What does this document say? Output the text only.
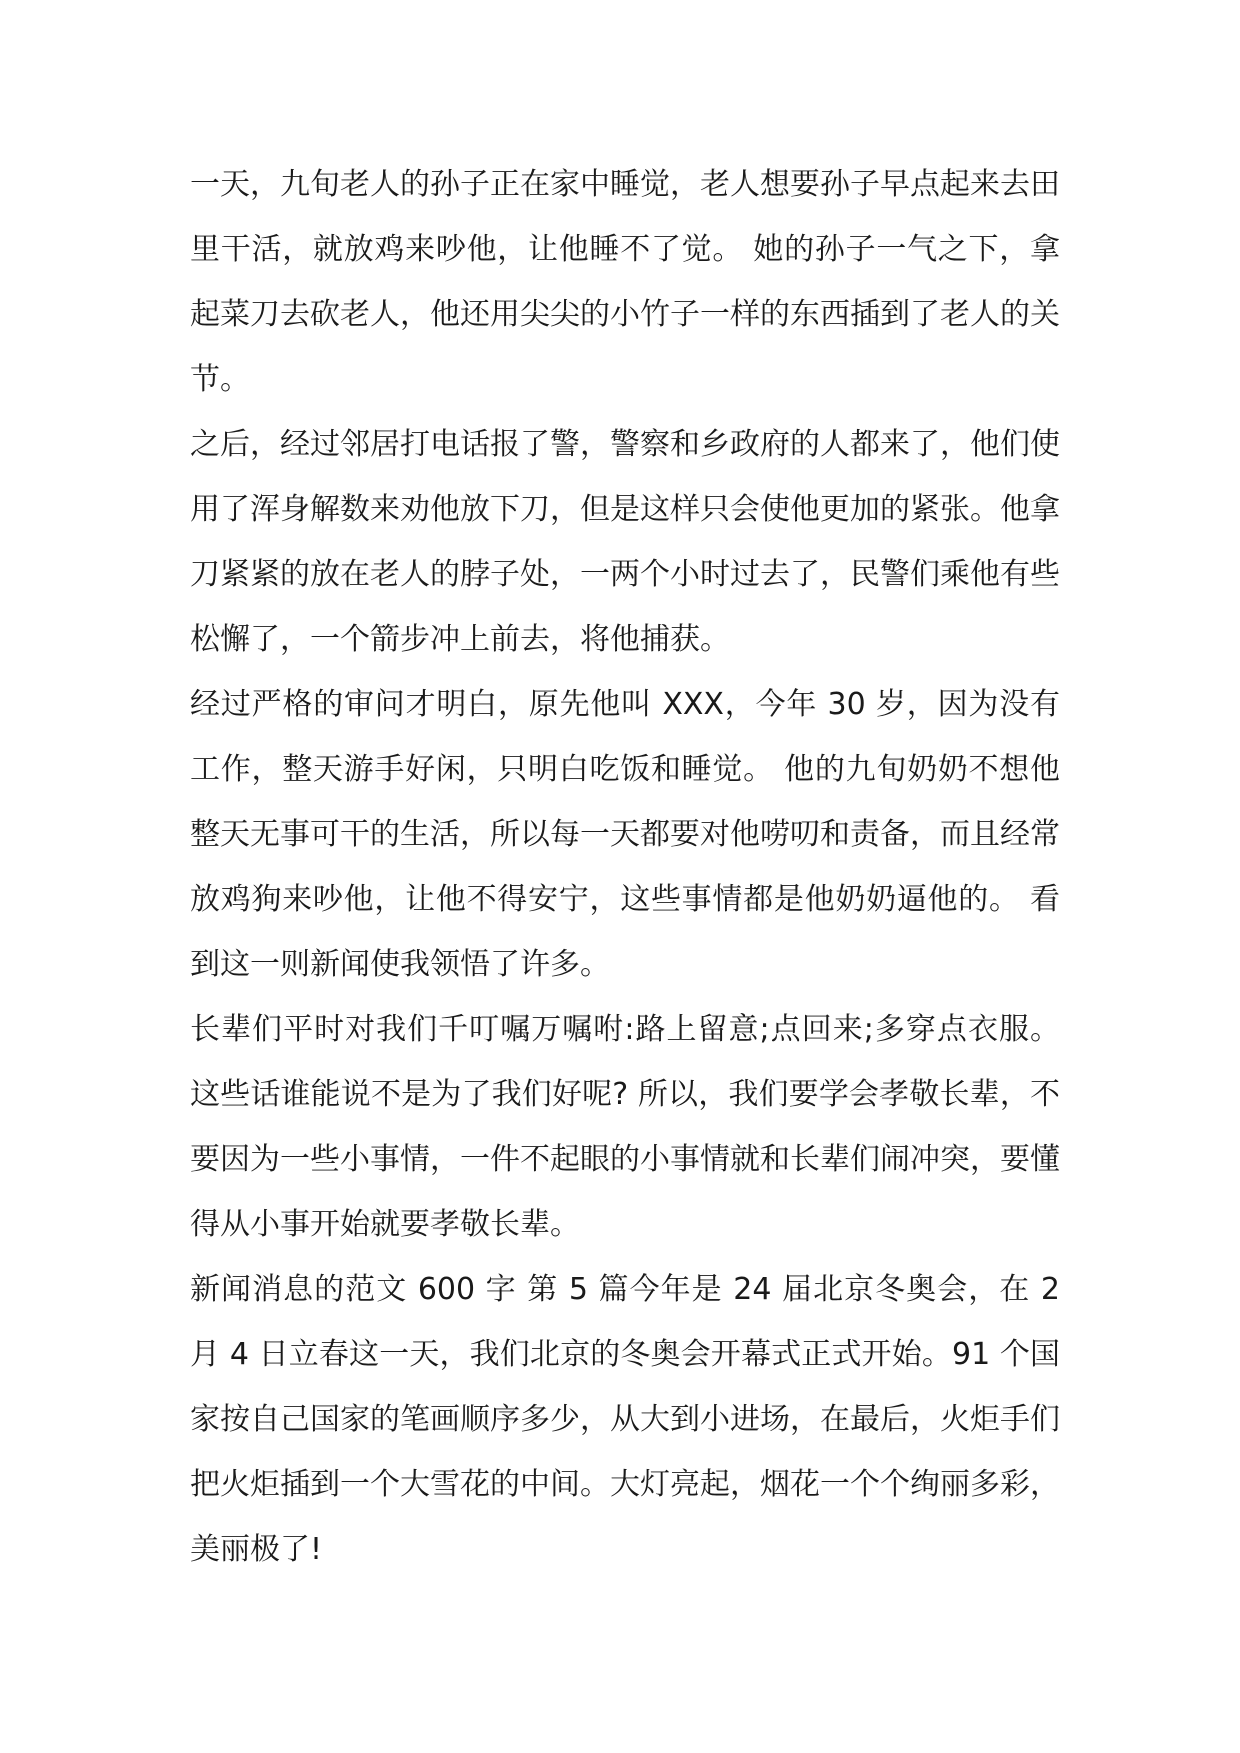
一天，九旬老人的孙子正在家中睡觉，老人想要孙子早点起来去田里干活，就放鸡来吵他，让他睡不了觉。 她的孙子一气之下，拿起菜刀去砍老人，他还用尖尖的小竹子一样的东西插到了老人的关节。

之后，经过邻居打电话报了警，警察和乡政府的人都来了，他们使用了浑身解数来劝他放下刀，但是这样只会使他更加的紧张。他拿刀紧紧的放在老人的脖子处，一两个小时过去了，民警们乘他有些松懈了，一个箭步冲上前去，将他捕获。

经过严格的审问才明白，原先他叫 XXX，今年 30 岁，因为没有工作，整天游手好闲，只明白吃饭和睡觉。 他的九旬奶奶不想他整天无事可干的生活，所以每一天都要对他唠叨和责备，而且经常放鸡狗来吵他，让他不得安宁，这些事情都是他奶奶逼他的。 看到这一则新闻使我领悟了许多。

长辈们平时对我们千叮嘱万嘱咐:路上留意;点回来;多穿点衣服。这些话谁能说不是为了我们好呢? 所以，我们要学会孝敬长辈，不要因为一些小事情，一件不起眼的小事情就和长辈们闹冲突，要懂得从小事开始就要孝敬长辈。

新闻消息的范文 600 字 第 5 篇今年是 24 届北京冬奥会，在 2 月 4 日立春这一天，我们北京的冬奥会开幕式正式开始。91 个国家按自己国家的笔画顺序多少，从大到小进场，在最后，火炬手们把火炬插到一个大雪花的中间。大灯亮起，烟花一个个绚丽多彩，美丽极了!
